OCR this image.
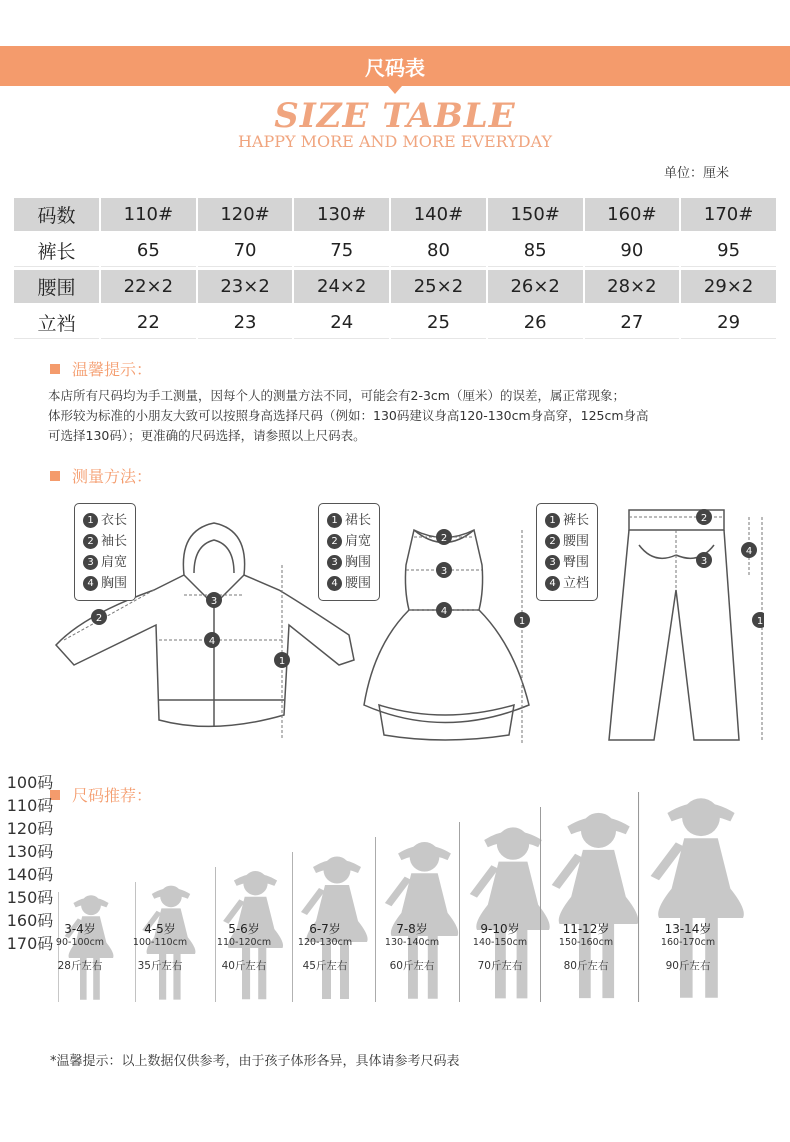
尺码表
SIZE TABLE
HAPPY MORE AND MORE EVERYDAY
单位：厘米
码数	110#	120#	130#	140#	150#	160#	170#
裤长	65	70	75	80	85	90	95
腰围	22×2	23×2	24×2	25×2	26×2	28×2	29×2
立裆	22	23	24	25	26	27	29
温馨提示：
本店所有尺码均为手工测量，因每个人的测量方法不同，可能会有2-3cm（厘米）的误差，属正常现象；
体形较为标准的小朋友大致可以按照身高选择尺码（例如：130码建议身高120-130cm身高穿，125cm身高
可选择130码）；更准确的尺码选择，请参照以上尺码表。
测量方法：
2
3
4
1
1 衣长
2 袖长
3 肩宽
4 胸围
2
3
4
1
1 裙长
2 肩宽
3 胸围
4 腰围
2
3
4
1
1 裤长
2 腰围
3 臀围
4 立档
尺码推荐：
3-4岁
90-100cm
28斤左右
100码
4-5岁
100-110cm
35斤左右
110码
5-6岁
110-120cm
40斤左右
120码
6-7岁
120-130cm
45斤左右
130码
7-8岁
130-140cm
60斤左右
140码
9-10岁
140-150cm
70斤左右
150码
11-12岁
150-160cm
80斤左右
160码	13-14岁
160-170cm
90斤左右
170码
*温馨提示：以上数据仅供参考，由于孩子体形各异，具体请参考尺码表
